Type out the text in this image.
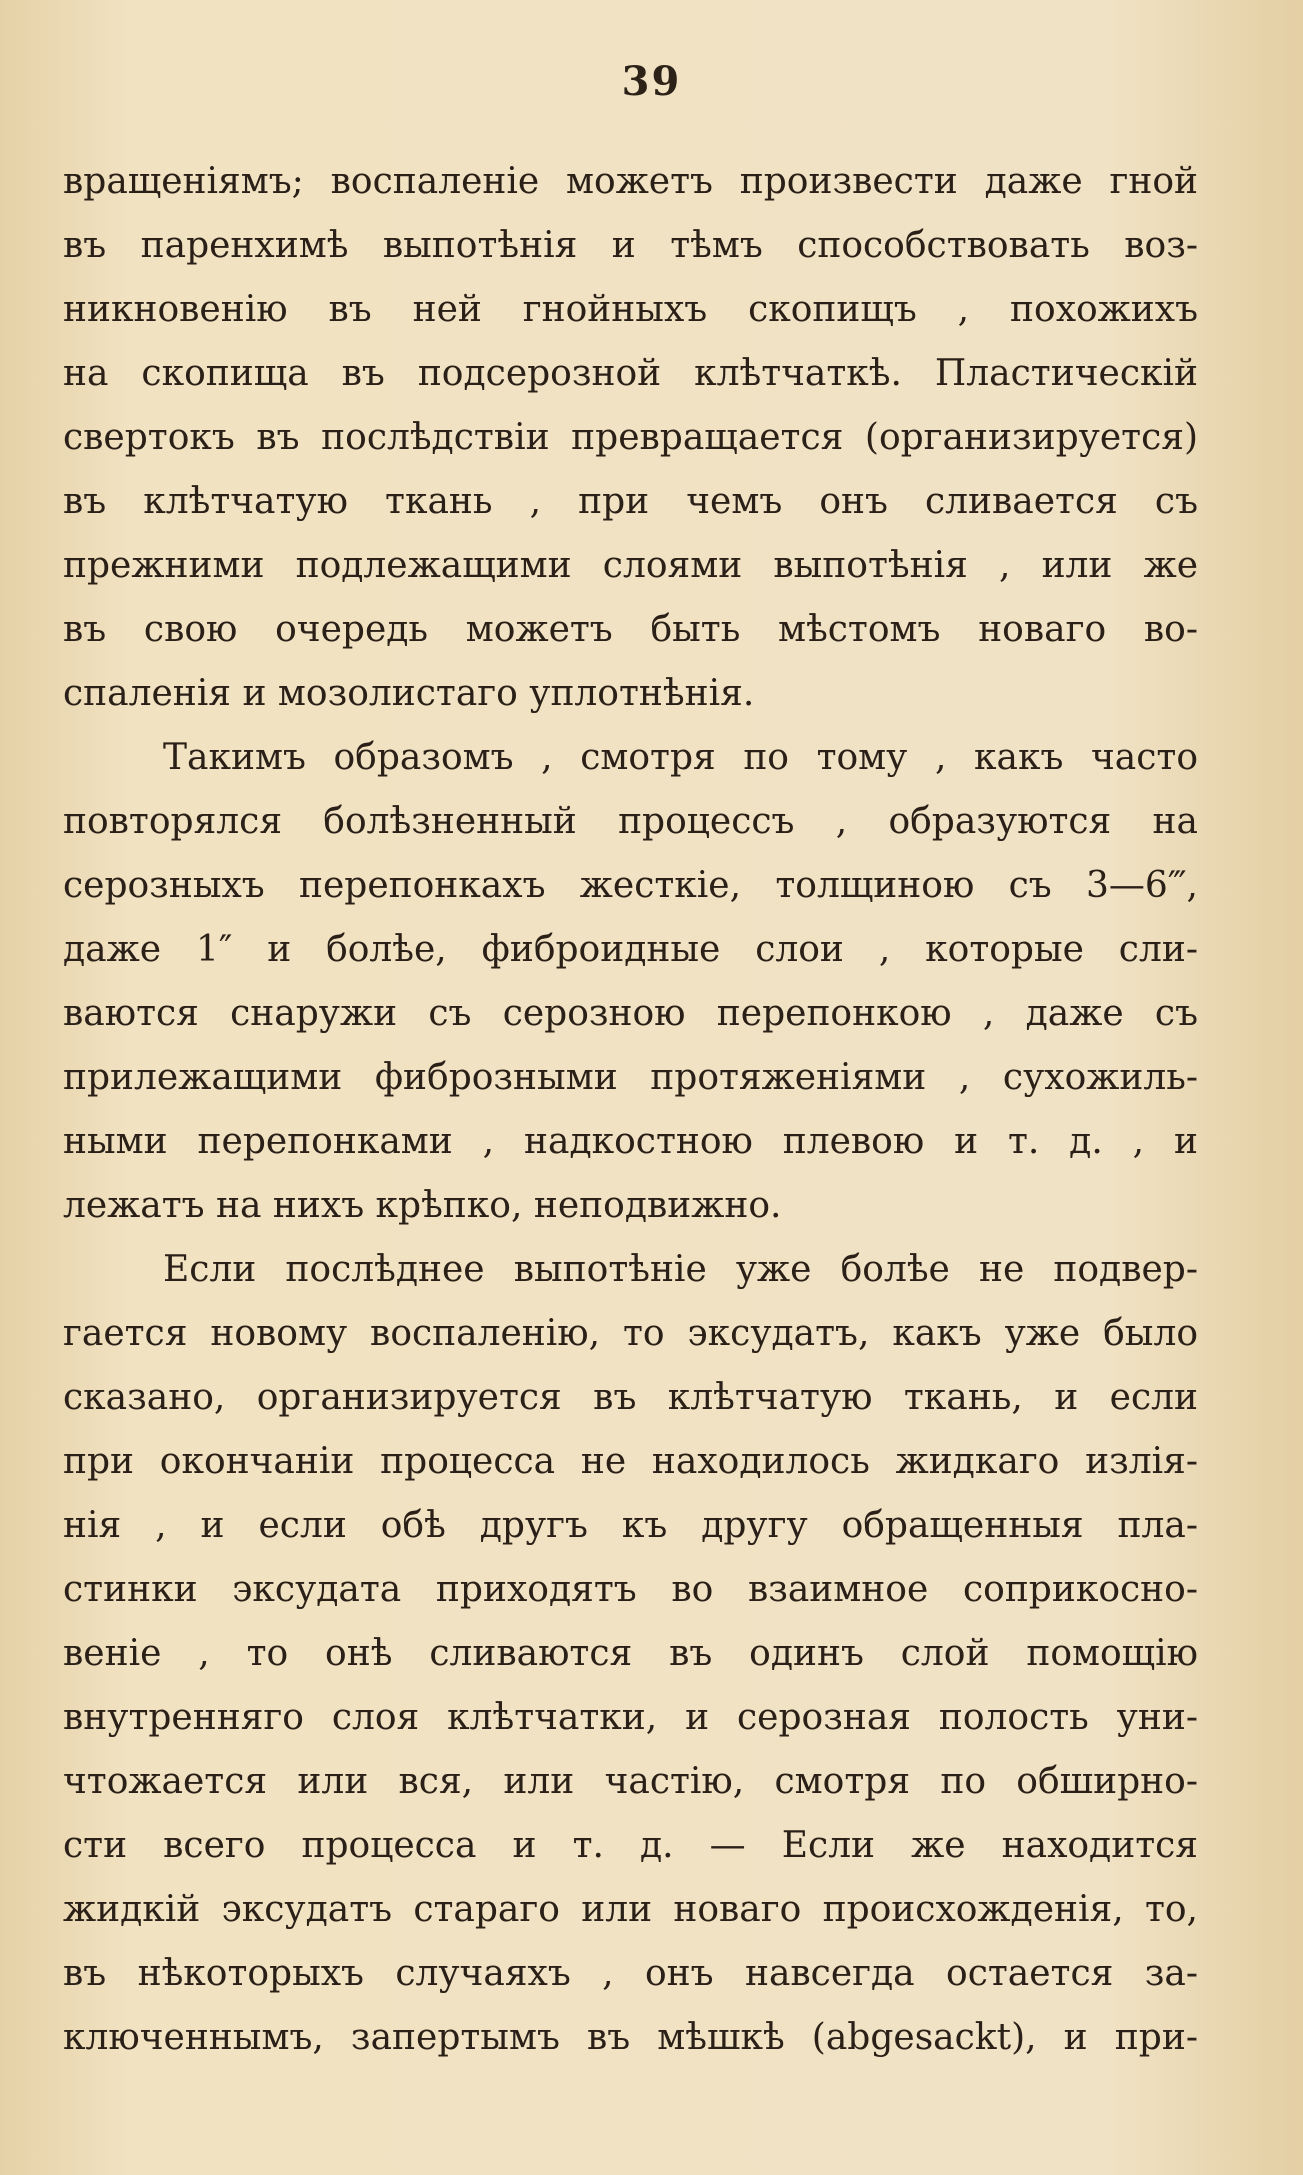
39
вращеніямъ; воспаленіе можетъ произвести даже гной
въ паренхимѣ выпотѣнія и тѣмъ способствовать воз-
никновенію въ ней гнойныхъ скопищъ , похожихъ
на скопища въ подсерозной клѣтчаткѣ. Пластическій
свертокъ въ послѣдствіи превращается (организируется)
въ клѣтчатую ткань , при чемъ онъ сливается съ
прежними подлежащими слоями выпотѣнія , или же
въ свою очередь можетъ быть мѣстомъ новаго во-
спаленія и мозолистаго уплотнѣнія.
Такимъ образомъ , смотря по тому , какъ часто
повторялся болѣзненный процессъ , образуются на
серозныхъ перепонкахъ жесткіе, толщиною съ 3—6‴,
даже 1″ и болѣе, фиброидные слои , которые сли-
ваются снаружи съ серозною перепонкою , даже съ
прилежащими фиброзными протяженіями , сухожиль-
ными перепонками , надкостною плевою и т. д. , и
лежатъ на нихъ крѣпко, неподвижно.
Если послѣднее выпотѣніе уже болѣе не подвер-
гается новому воспаленію, то эксудатъ, какъ уже было
сказано, организируется въ клѣтчатую ткань, и если
при окончаніи процесса не находилось жидкаго излія-
нія , и если обѣ другъ къ другу обращенныя пла-
стинки эксудата приходятъ во взаимное соприкосно-
веніе , то онѣ сливаются въ одинъ слой помощію
внутренняго слоя клѣтчатки, и серозная полость уни-
чтожается или вся, или частію, смотря по обширно-
сти всего процесса и т. д. — Если же находится
жидкій эксудатъ стараго или новаго происхожденія, то,
въ нѣкоторыхъ случаяхъ , онъ навсегда остается за-
ключеннымъ, запертымъ въ мѣшкѣ (abgesackt), и при-
